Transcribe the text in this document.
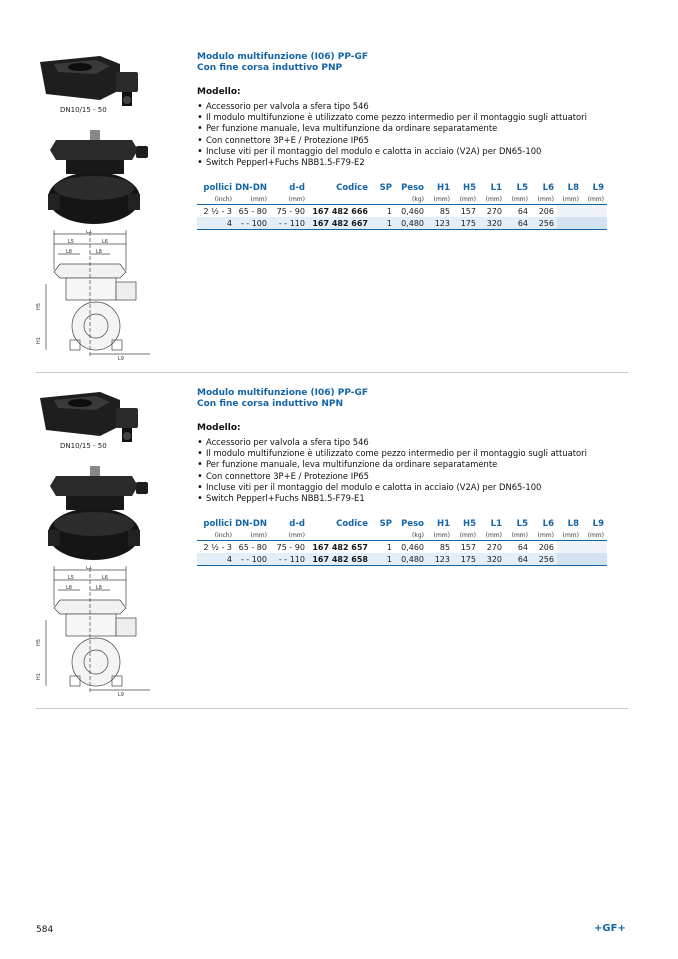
DN10/15 - 50
L1
L5	L6
L8	L8
L9
H5
H1
Modulo multifunzione (I06) PP-GF
Con fine corsa induttivo PNP
Modello:
• Accessorio per valvola a sfera tipo 546
• Il modulo multifunzione è utilizzato come pezzo intermedio per il montaggio sugli attuatori
• Per funzione manuale, leva multifunzione da ordinare separatamente
• Con connettore 3P+E / Protezione IP65
• Incluse viti per il montaggio del modulo e calotta in acciaio (V2A) per DN65-100
• Switch Pepperl+Fuchs NBB1.5-F79-E2
pollici	DN-DN	d-d	Codice	SP	Peso	H1	H5	L1	L5	L6	L8	L9
(inch)	(mm)	(mm)			(kg)	(mm)	(mm)	(mm)	(mm)	(mm)	(mm)	(mm)
2 ½ - 3	65 - 80	75 - 90	167 482 666	1	0,460	85	157	270	64	206		
4	- - 100	- - 110	167 482 667	1	0,480	123	175	320	64	256		
DN10/15 - 50
L1
L5	L6
L8	L8
L9
H5
H1
Modulo multifunzione (I06) PP-GF
Con fine corsa induttivo NPN
Modello:
• Accessorio per valvola a sfera tipo 546
• Il modulo multifunzione è utilizzato come pezzo intermedio per il montaggio sugli attuatori
• Per funzione manuale, leva multifunzione da ordinare separatamente
• Con connettore 3P+E / Protezione IP65
• Incluse viti per il montaggio del modulo e calotta in acciaio (V2A) per DN65-100
• Switch Pepperl+Fuchs NBB1.5-F79-E1
pollici	DN-DN	d-d	Codice	SP	Peso	H1	H5	L1	L5	L6	L8	L9
(inch)	(mm)	(mm)			(kg)	(mm)	(mm)	(mm)	(mm)	(mm)	(mm)	(mm)
2 ½ - 3	65 - 80	75 - 90	167 482 657	1	0,460	85	157	270	64	206		
4	- - 100	- - 110	167 482 658	1	0,480	123	175	320	64	256		
584	+GF+
